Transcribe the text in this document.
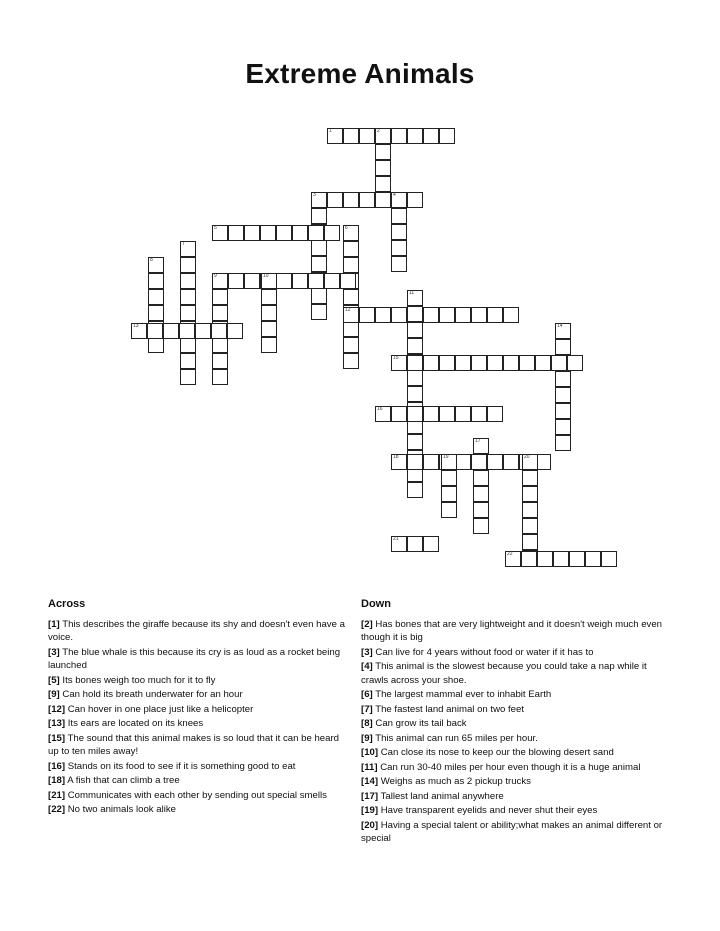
Extreme Animals
1	2
3	4
5	6
7
8
9	10
12
11
13	14
15
16
17
18	19	20
21
22
Across
[1] This describes the giraffe because its shy and doesn't even have a voice.
[3] The blue whale is this because its cry is as loud as a rocket being launched
[5] Its bones weigh too much for it to fly
[9] Can hold its breath underwater for an hour
[12] Can hover in one place just like a helicopter
[13] Its ears are located on its knees
[15] The sound that this animal makes is so loud that it can be heard up to ten miles away!
[16] Stands on its food to see if it is something good to eat
[18] A fish that can climb a tree
[21] Communicates with each other by sending out special smells
[22] No two animals look alike
Down
[2] Has bones that are very lightweight and it doesn't weigh much even though it is big
[3] Can live for 4 years without food or water if it has to
[4] This animal is the slowest because you could take a nap while it crawls across your shoe.
[6] The largest mammal ever to inhabit Earth
[7] The fastest land animal on two feet
[8] Can grow its tail back
[9] This animal can run 65 miles per hour.
[10] Can close its nose to keep our the blowing desert sand
[11] Can run 30-40 miles per hour even though it is a huge animal
[14] Weighs as much as 2 pickup trucks
[17] Tallest land animal anywhere
[19] Have transparent eyelids and never shut their eyes
[20] Having a special talent or ability;what makes an animal different or special
